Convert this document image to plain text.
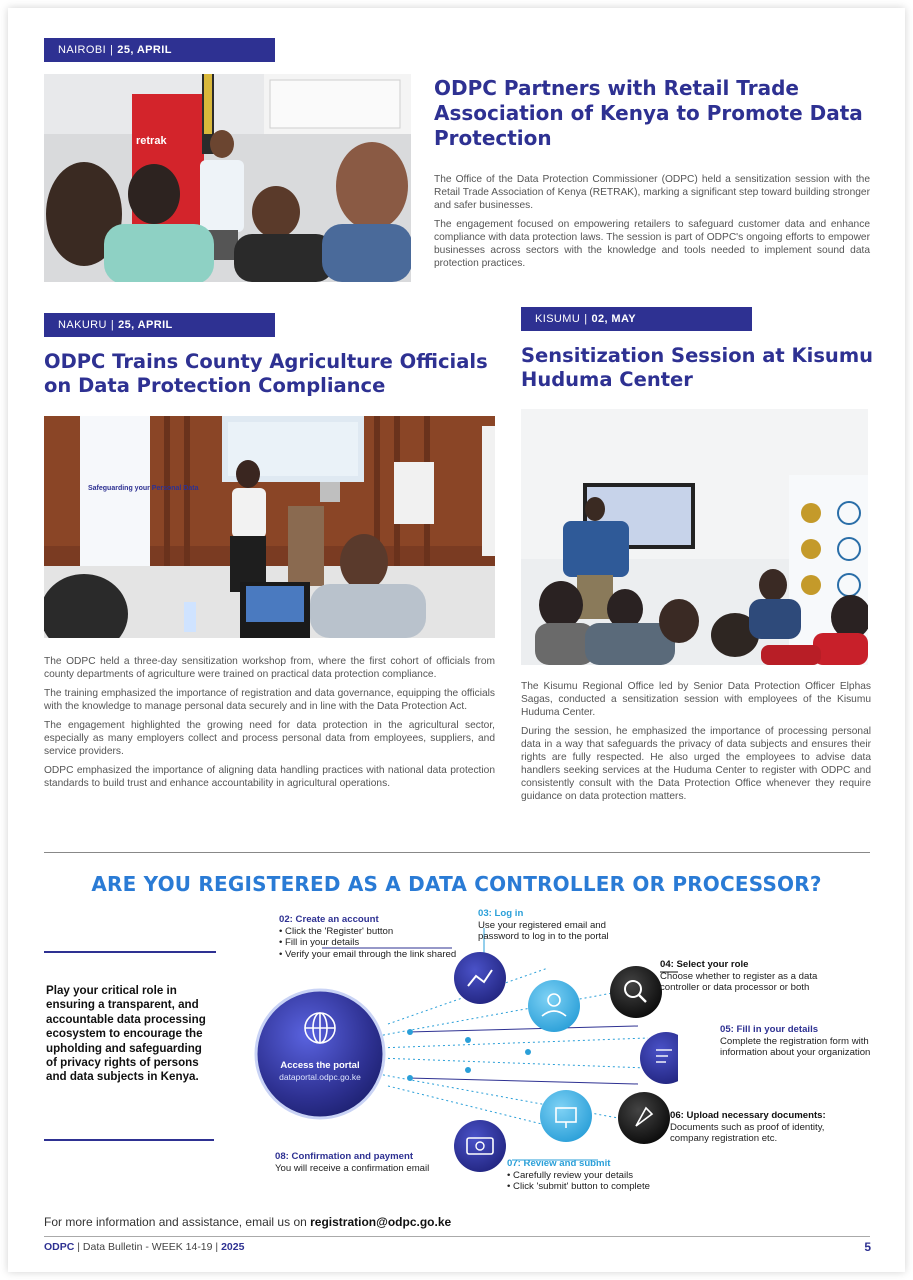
NAIROBI | 25, APRIL
retrak
ODPC Partners with Retail Trade Association of Kenya to Promote Data Protection

The Office of the Data Protection Commissioner (ODPC) held a sensitization session with the Retail Trade Association of Kenya (RETRAK), marking a significant step toward building stronger and safer businesses.

The engagement focused on empowering retailers to safeguard customer data and enhance compliance with data protection laws. The session is part of ODPC's ongoing efforts to empower businesses across sectors with the knowledge and tools needed to implement sound data protection practices.

NAKURU | 25, APRIL
ODPC Trains County Agriculture Officials on Data Protection Compliance
Safeguarding your Personal Data

The ODPC held a three-day sensitization workshop from, where the first cohort of officials from county departments of agriculture were trained on practical data protection compliance.

The training emphasized the importance of registration and data governance, equipping the officials with the knowledge to manage personal data securely and in line with the Data Protection Act.

The engagement highlighted the growing need for data protection in the agricultural sector, especially as many employers collect and process personal data from employees, suppliers, and service providers.

ODPC emphasized the importance of aligning data handling practices with national data protection standards to build trust and enhance accountability in agricultural operations.

KISUMU | 02, MAY
Sensitization Session at Kisumu Huduma Center

The Kisumu Regional Office led by Senior Data Protection Officer Elphas Sagas, conducted a sensitization session with employees of the Kisumu Huduma Center.

During the session, he emphasized the importance of processing personal data in a way that safeguards the privacy of data subjects and ensures their rights are fully respected. He also urged the employees to advise data handlers seeking services at the Huduma Center to register with ODPC and consistently consult with the Data Protection Office whenever they require guidance on data protection matters.

ARE YOU REGISTERED AS A DATA CONTROLLER OR PROCESSOR?
Play your critical role in ensuring a transparent, and accountable data processing ecosystem to encourage the upholding and safeguarding of privacy rights of persons and data subjects in Kenya.
Access the portal
dataportal.odpc.go.ke
02: Create an account
• Click the 'Register' button
• Fill in your details
• Verify your email through the link shared
03: Log in
Use your registered email and password to log in to the portal
04: Select your role
Choose whether to register as a data controller or data processor or both
05: Fill in your details
Complete the registration form with information about your organization
06: Upload necessary documents:
Documents such as proof of identity, company registration etc.
07: Review and submit
• Carefully review your details
• Click 'submit' button to complete
08: Confirmation and payment
You will receive a confirmation email
For more information and assistance, email us on registration@odpc.go.ke
ODPC | Data Bulletin - WEEK 14-19 | 2025	5
